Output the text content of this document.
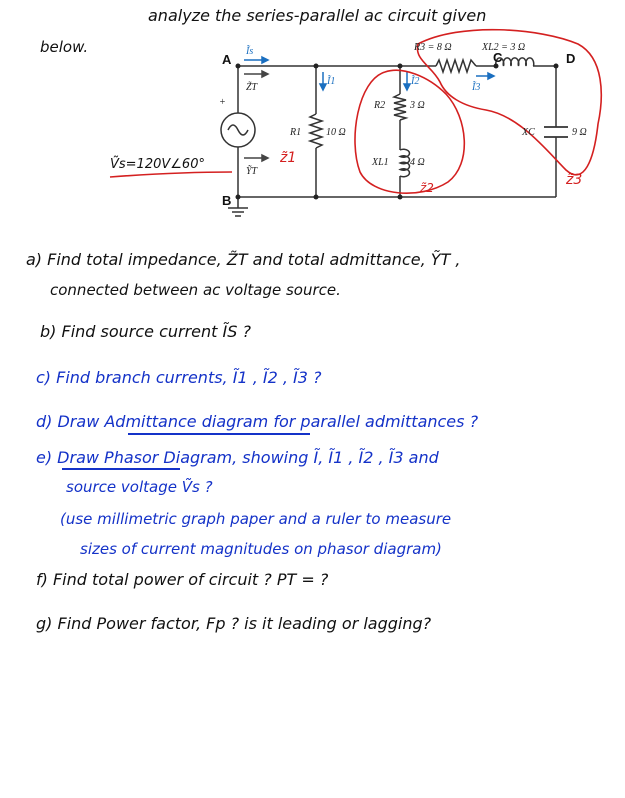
analyze the series-parallel ac circuit given
below.
+
A
B
C	D
Ĩs
Z̃T
ỸT
Ĩ1	Ĩ2
Ĩ3
R1 10 Ω
R2 3 Ω
XL1 4 Ω
R3 = 8 Ω	XL2 = 3 Ω
XC	9 Ω
z̃1
z̃2	z̃3
Ṽs=120V∠60°
a) Find total impedance, Z̃T and total admittance, ỸT ,
connected between ac voltage source.
b) Find source current ĨS ?
c) Find branch currents, Ĩ1 , Ĩ2 , Ĩ3 ?
d) Draw Admittance diagram for parallel admittances ?
e) Draw Phasor Diagram, showing Ĩ, Ĩ1 , Ĩ2 , Ĩ3 and
source voltage Ṽs ?
(use millimetric graph paper and a ruler to measure
sizes of current magnitudes on phasor diagram)
f) Find total power of circuit ? PT = ?
g) Find Power factor, Fp ? is it leading or lagging?
